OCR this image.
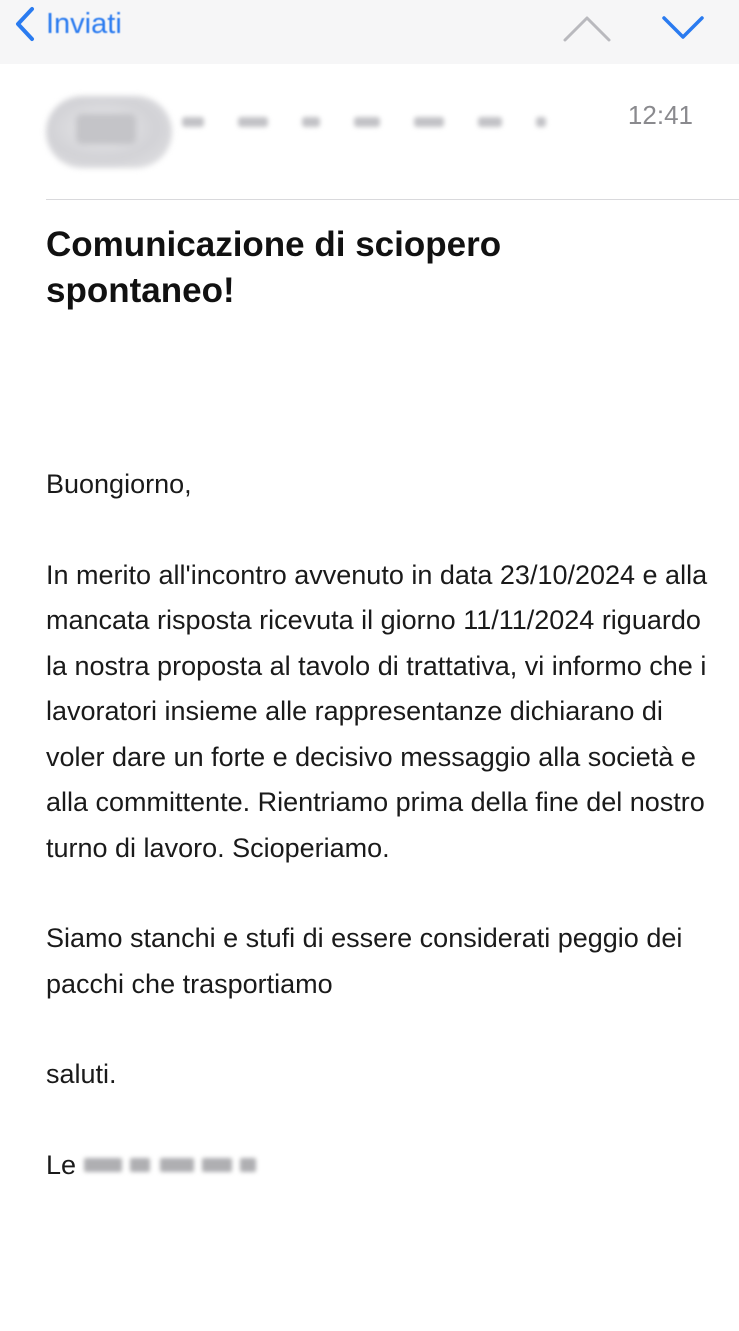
Inviati
12:41
Comunicazione di sciopero spontaneo!

Buongiorno,

In merito all'incontro avvenuto in data 23/10/2024 e alla mancata risposta ricevuta il giorno 11/11/2024 riguardo la nostra proposta al tavolo di trattativa, vi informo che i lavoratori insieme alle rappresentanze dichiarano di voler dare un forte e decisivo messaggio alla società e alla committente. Rientriamo prima della fine del nostro turno di lavoro. Scioperiamo.

Siamo stanchi e stufi di essere considerati peggio dei pacchi che trasportiamo

saluti.

Le
